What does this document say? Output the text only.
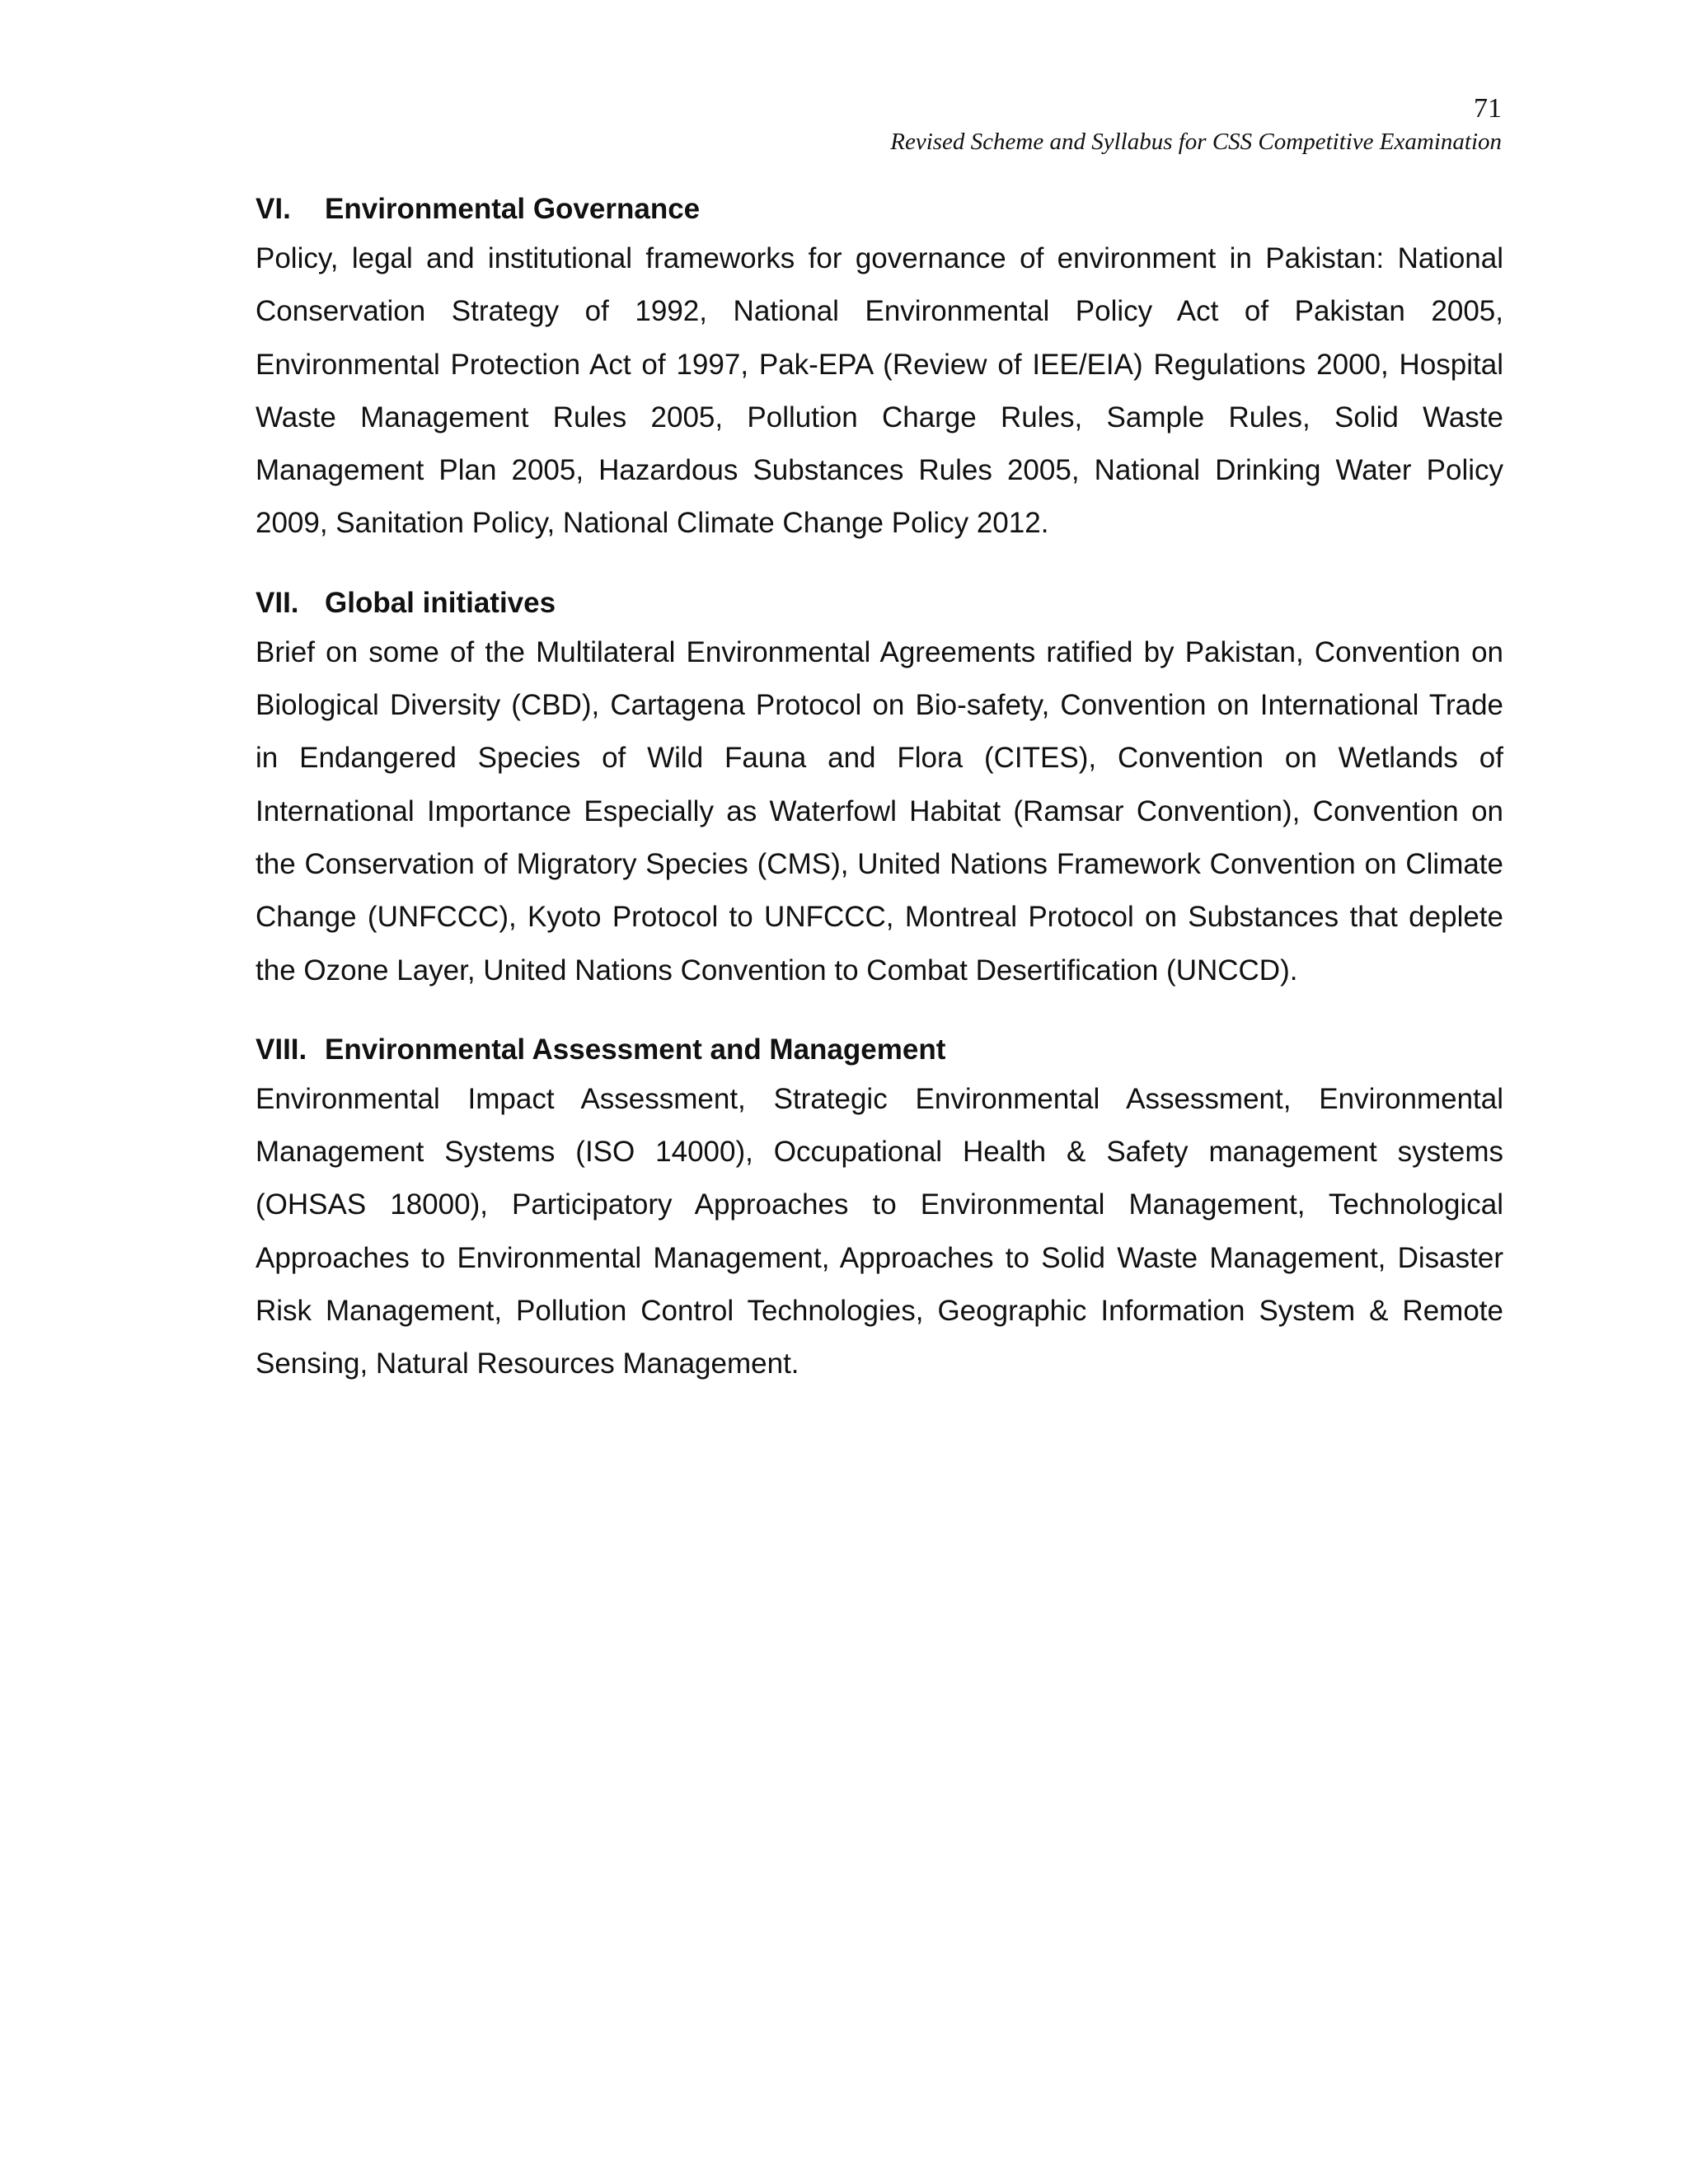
71
Revised Scheme and Syllabus for CSS Competitive Examination
VI.	Environmental Governance

Policy, legal and institutional frameworks for governance of environment in Pakistan: National Conservation Strategy of 1992, National Environmental Policy Act of Pakistan 2005, Environmental Protection Act of 1997, Pak-EPA (Review of IEE/EIA) Regulations 2000, Hospital Waste Management Rules 2005, Pollution Charge Rules, Sample Rules, Solid Waste Management Plan 2005, Hazardous Substances Rules 2005, National Drinking Water Policy 2009, Sanitation Policy, National Climate Change Policy 2012.

VII. Global initiatives

Brief on some of the Multilateral Environmental Agreements ratified by Pakistan, Convention on Biological Diversity (CBD), Cartagena Protocol on Bio-safety, Convention on International Trade in Endangered Species of Wild Fauna and Flora (CITES), Convention on Wetlands of International Importance Especially as Waterfowl Habitat (Ramsar Convention), Convention on the Conservation of Migratory Species (CMS), United Nations Framework Convention on Climate Change (UNFCCC), Kyoto Protocol to UNFCCC, Montreal Protocol on Substances that deplete the Ozone Layer, United Nations Convention to Combat Desertification (UNCCD).

VIII. Environmental Assessment and Management

Environmental Impact Assessment, Strategic Environmental Assessment, Environmental Management Systems (ISO 14000), Occupational Health & Safety management systems (OHSAS 18000), Participatory Approaches to Environmental Management, Technological Approaches to Environmental Management, Approaches to Solid Waste Management, Disaster Risk Management, Pollution Control Technologies, Geographic Information System & Remote Sensing, Natural Resources Management.
